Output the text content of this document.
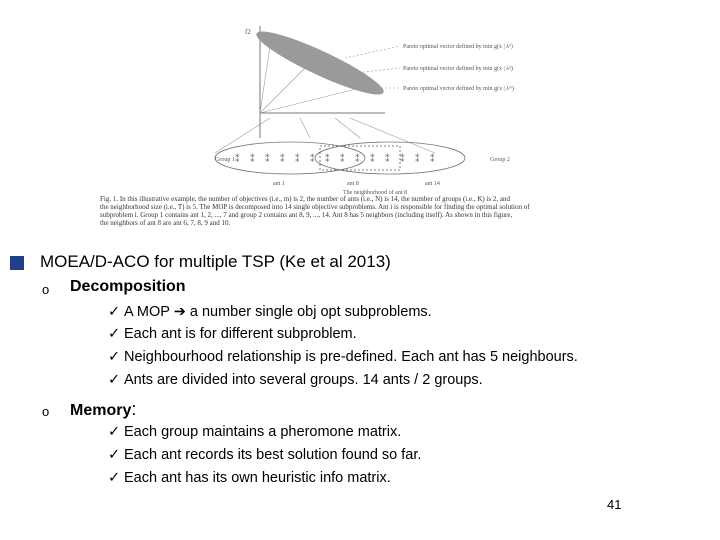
f2
Pareto optimal vector defined by min g(x | λ¹)
Pareto optimal vector defined by min g(x | λ²)
Pareto optimal vector defined by min g(x | λᴺ)
Group 1	Group 2
⁑ ⁑ ⁑ ⁑ ⁑ ⁑ ⁑ ⁑ ⁑ ⁑ ⁑ ⁑ ⁑ ⁑
ant 1	ant 8	ant 14
The neighborhood of ant 8
Fig. 1. In this illustrative example, the number of objectives (i.e., m) is 2, the number of ants (i.e., N) is 14, the number of groups (i.e., K) is 2, and
the neighborhood size (i.e., T) is 5. The MOP is decomposed into 14 single objective subproblems. Ant i is responsible for finding the optimal solution of
subproblem i. Group 1 contains ant 1, 2, ..., 7 and group 2 contains ant 8, 9, ..., 14. Ant 8 has 5 neighbors (including itself). As shown in this figure,
the neighbors of ant 8 are ant 6, 7, 8, 9 and 10.
MOEA/D-ACO for multiple TSP (Ke et al 2013)
o Decomposition
✓ A MOP ➔ a number single obj opt subproblems.
✓ Each ant is for different subproblem.
✓ Neighbourhood relationship is pre-defined. Each ant has 5 neighbours.
✓ Ants are divided into several groups. 14 ants / 2 groups.
o Memory:
✓ Each group maintains a pheromone matrix.
✓ Each ant records its best solution found so far.
✓ Each ant has its own heuristic info matrix.
41
